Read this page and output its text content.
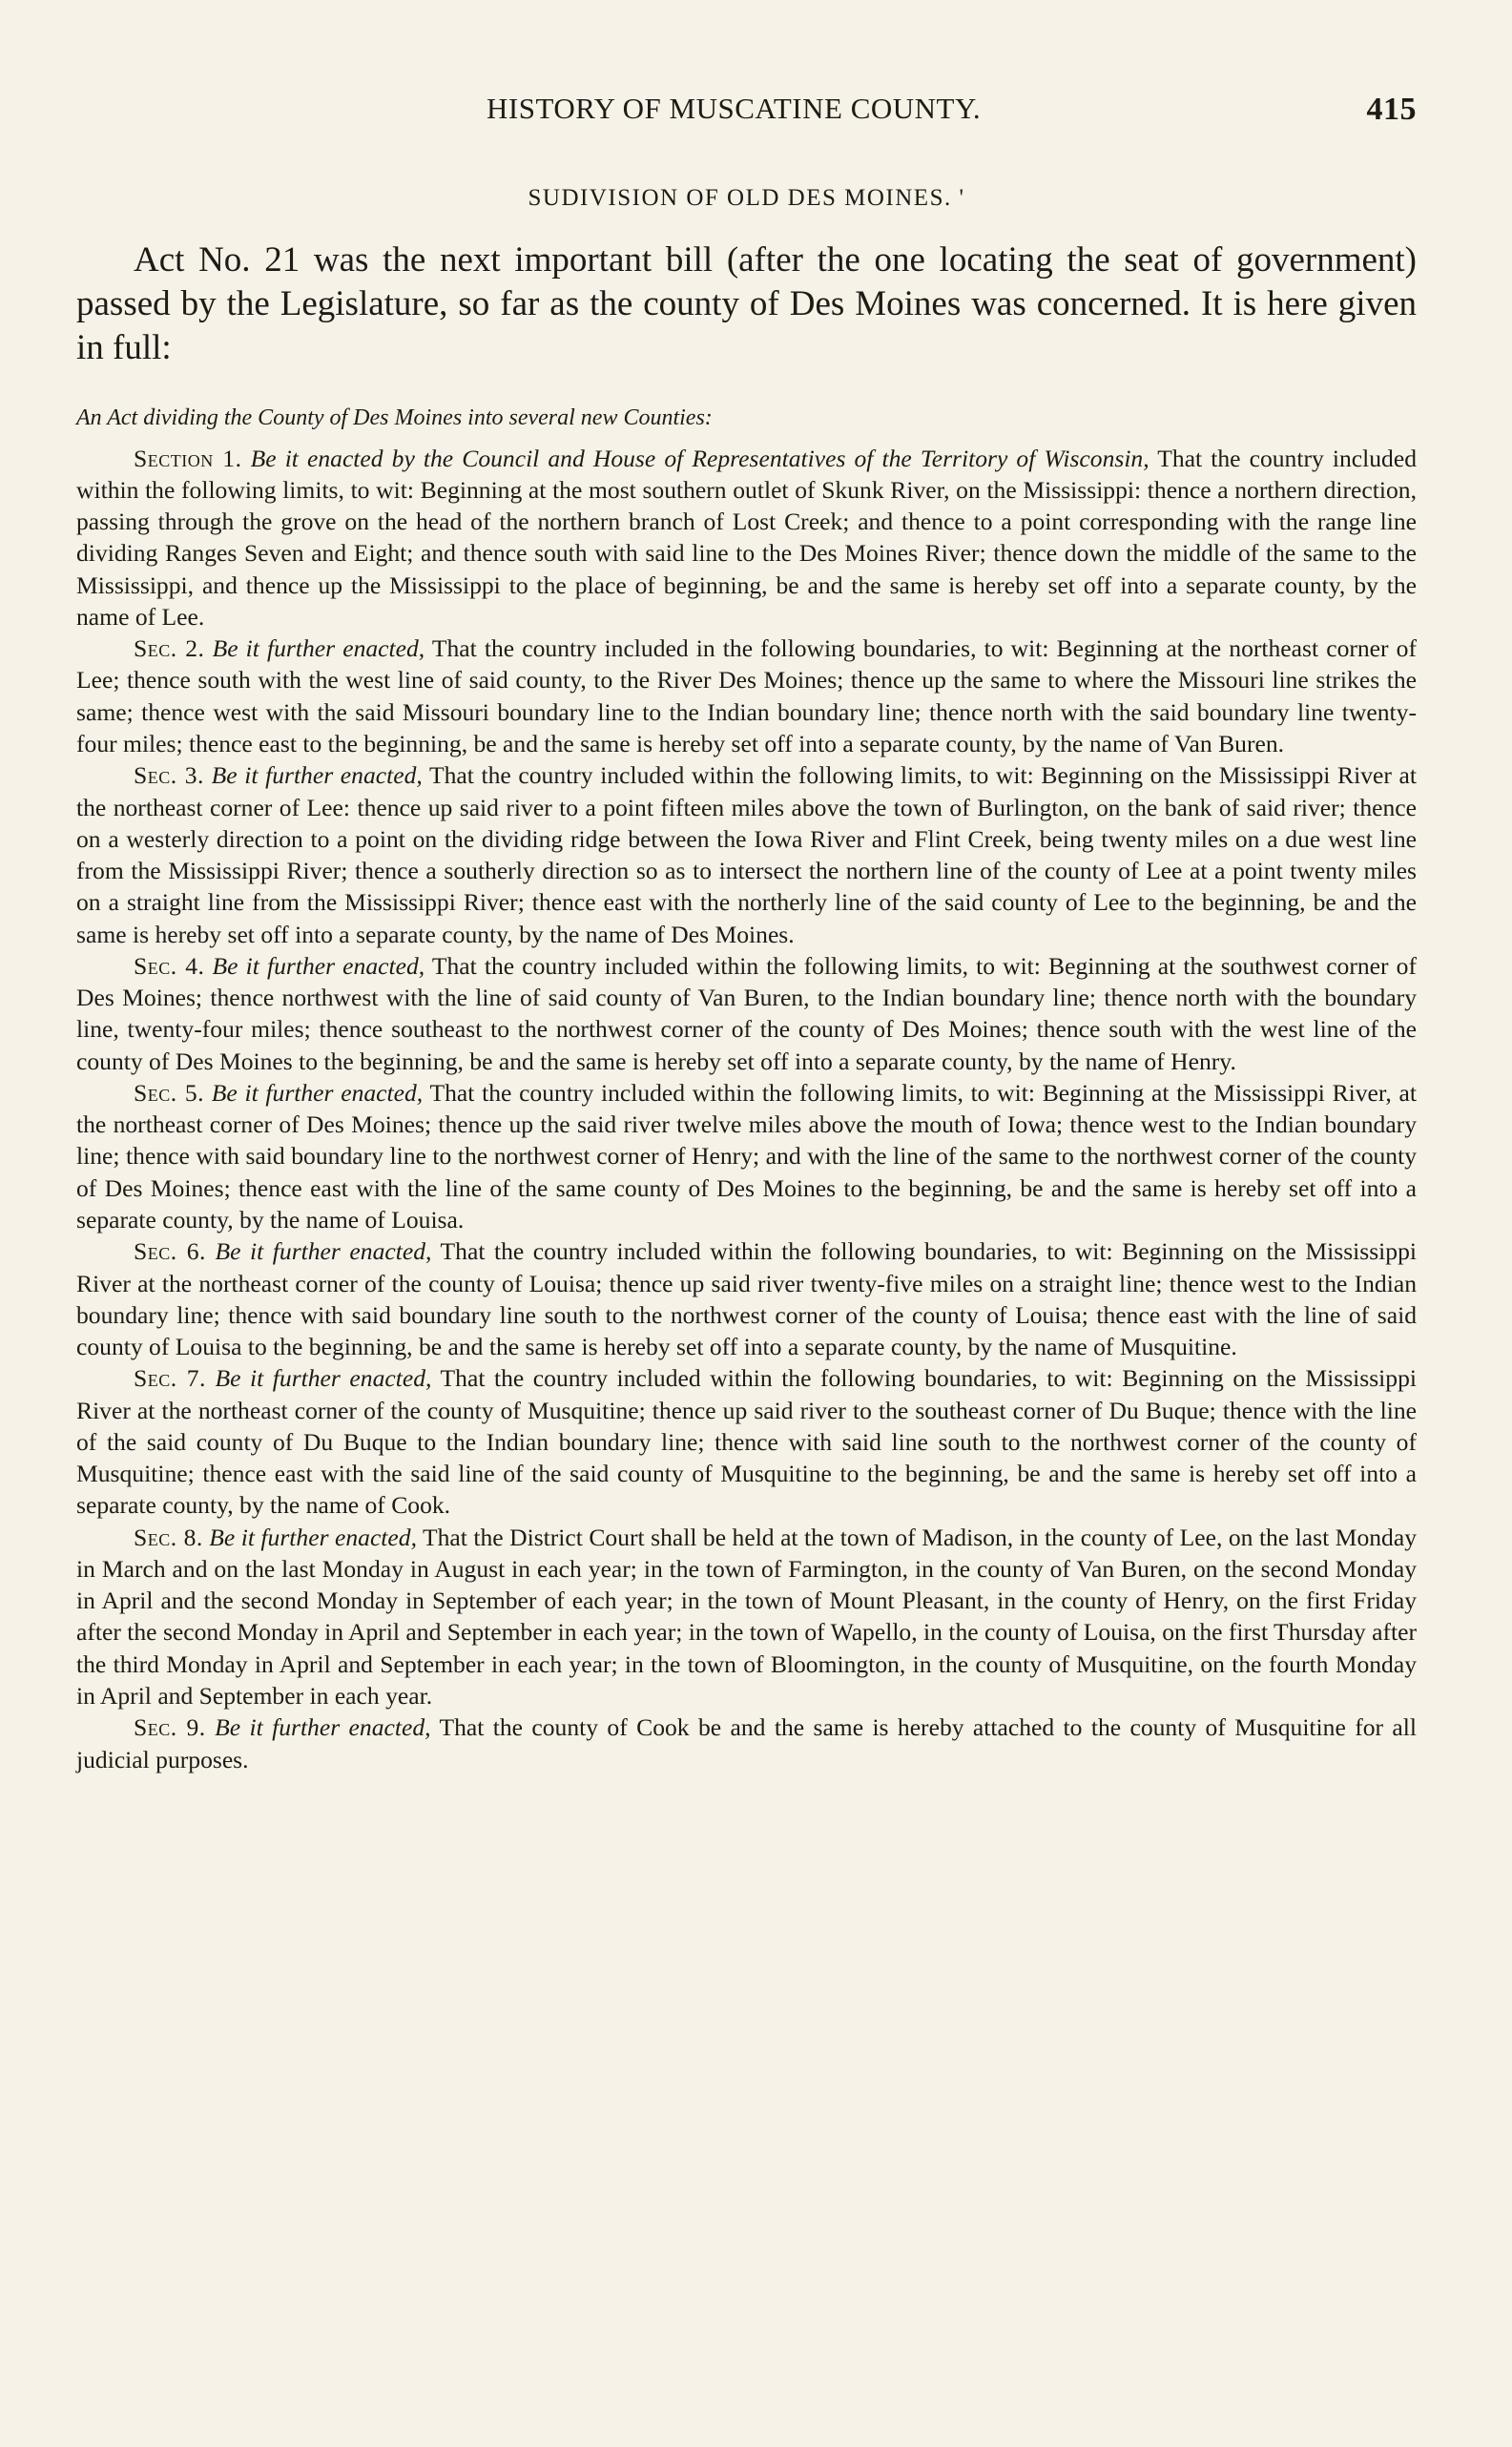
HISTORY OF MUSCATINE COUNTY.	415
SUDIVISION OF OLD DES MOINES. '

Act No. 21 was the next important bill (after the one locating the seat of government) passed by the Legislature, so far as the county of Des Moines was concerned. It is here given in full:

An Act dividing the County of Des Moines into several new Counties:

Section 1. Be it enacted by the Council and House of Representatives of the Territory of Wisconsin, That the country included within the following limits, to wit: Beginning at the most southern outlet of Skunk River, on the Mississippi: thence a northern direction, passing through the grove on the head of the northern branch of Lost Creek; and thence to a point corresponding with the range line dividing Ranges Seven and Eight; and thence south with said line to the Des Moines River; thence down the middle of the same to the Mississippi, and thence up the Mississippi to the place of beginning, be and the same is hereby set off into a separate county, by the name of Lee.

Sec. 2. Be it further enacted, That the country included in the following boundaries, to wit: Beginning at the northeast corner of Lee; thence south with the west line of said county, to the River Des Moines; thence up the same to where the Missouri line strikes the same; thence west with the said Missouri boundary line to the Indian boundary line; thence north with the said boundary line twenty-four miles; thence east to the beginning, be and the same is hereby set off into a separate county, by the name of Van Buren.

Sec. 3. Be it further enacted, That the country included within the following limits, to wit: Beginning on the Mississippi River at the northeast corner of Lee: thence up said river to a point fifteen miles above the town of Burlington, on the bank of said river; thence on a westerly direction to a point on the dividing ridge between the Iowa River and Flint Creek, being twenty miles on a due west line from the Mississippi River; thence a southerly direction so as to intersect the northern line of the county of Lee at a point twenty miles on a straight line from the Mississippi River; thence east with the northerly line of the said county of Lee to the beginning, be and the same is hereby set off into a separate county, by the name of Des Moines.

Sec. 4. Be it further enacted, That the country included within the following limits, to wit: Beginning at the southwest corner of Des Moines; thence northwest with the line of said county of Van Buren, to the Indian boundary line; thence north with the boundary line, twenty-four miles; thence southeast to the northwest corner of the county of Des Moines; thence south with the west line of the county of Des Moines to the beginning, be and the same is hereby set off into a separate county, by the name of Henry.

Sec. 5. Be it further enacted, That the country included within the following limits, to wit: Beginning at the Mississippi River, at the northeast corner of Des Moines; thence up the said river twelve miles above the mouth of Iowa; thence west to the Indian boundary line; thence with said boundary line to the northwest corner of Henry; and with the line of the same to the northwest corner of the county of Des Moines; thence east with the line of the same county of Des Moines to the beginning, be and the same is hereby set off into a separate county, by the name of Louisa.

Sec. 6. Be it further enacted, That the country included within the following boundaries, to wit: Beginning on the Mississippi River at the northeast corner of the county of Louisa; thence up said river twenty-five miles on a straight line; thence west to the Indian boundary line; thence with said boundary line south to the northwest corner of the county of Louisa; thence east with the line of said county of Louisa to the beginning, be and the same is hereby set off into a separate county, by the name of Musquitine.

Sec. 7. Be it further enacted, That the country included within the following boundaries, to wit: Beginning on the Mississippi River at the northeast corner of the county of Musquitine; thence up said river to the southeast corner of Du Buque; thence with the line of the said county of Du Buque to the Indian boundary line; thence with said line south to the northwest corner of the county of Musquitine; thence east with the said line of the said county of Musquitine to the beginning, be and the same is hereby set off into a separate county, by the name of Cook.

Sec. 8. Be it further enacted, That the District Court shall be held at the town of Madison, in the county of Lee, on the last Monday in March and on the last Monday in August in each year; in the town of Farmington, in the county of Van Buren, on the second Monday in April and the second Monday in September of each year; in the town of Mount Pleasant, in the county of Henry, on the first Friday after the second Monday in April and September in each year; in the town of Wapello, in the county of Louisa, on the first Thursday after the third Monday in April and September in each year; in the town of Bloomington, in the county of Musquitine, on the fourth Monday in April and September in each year.

Sec. 9. Be it further enacted, That the county of Cook be and the same is hereby attached to the county of Musquitine for all judicial purposes.
